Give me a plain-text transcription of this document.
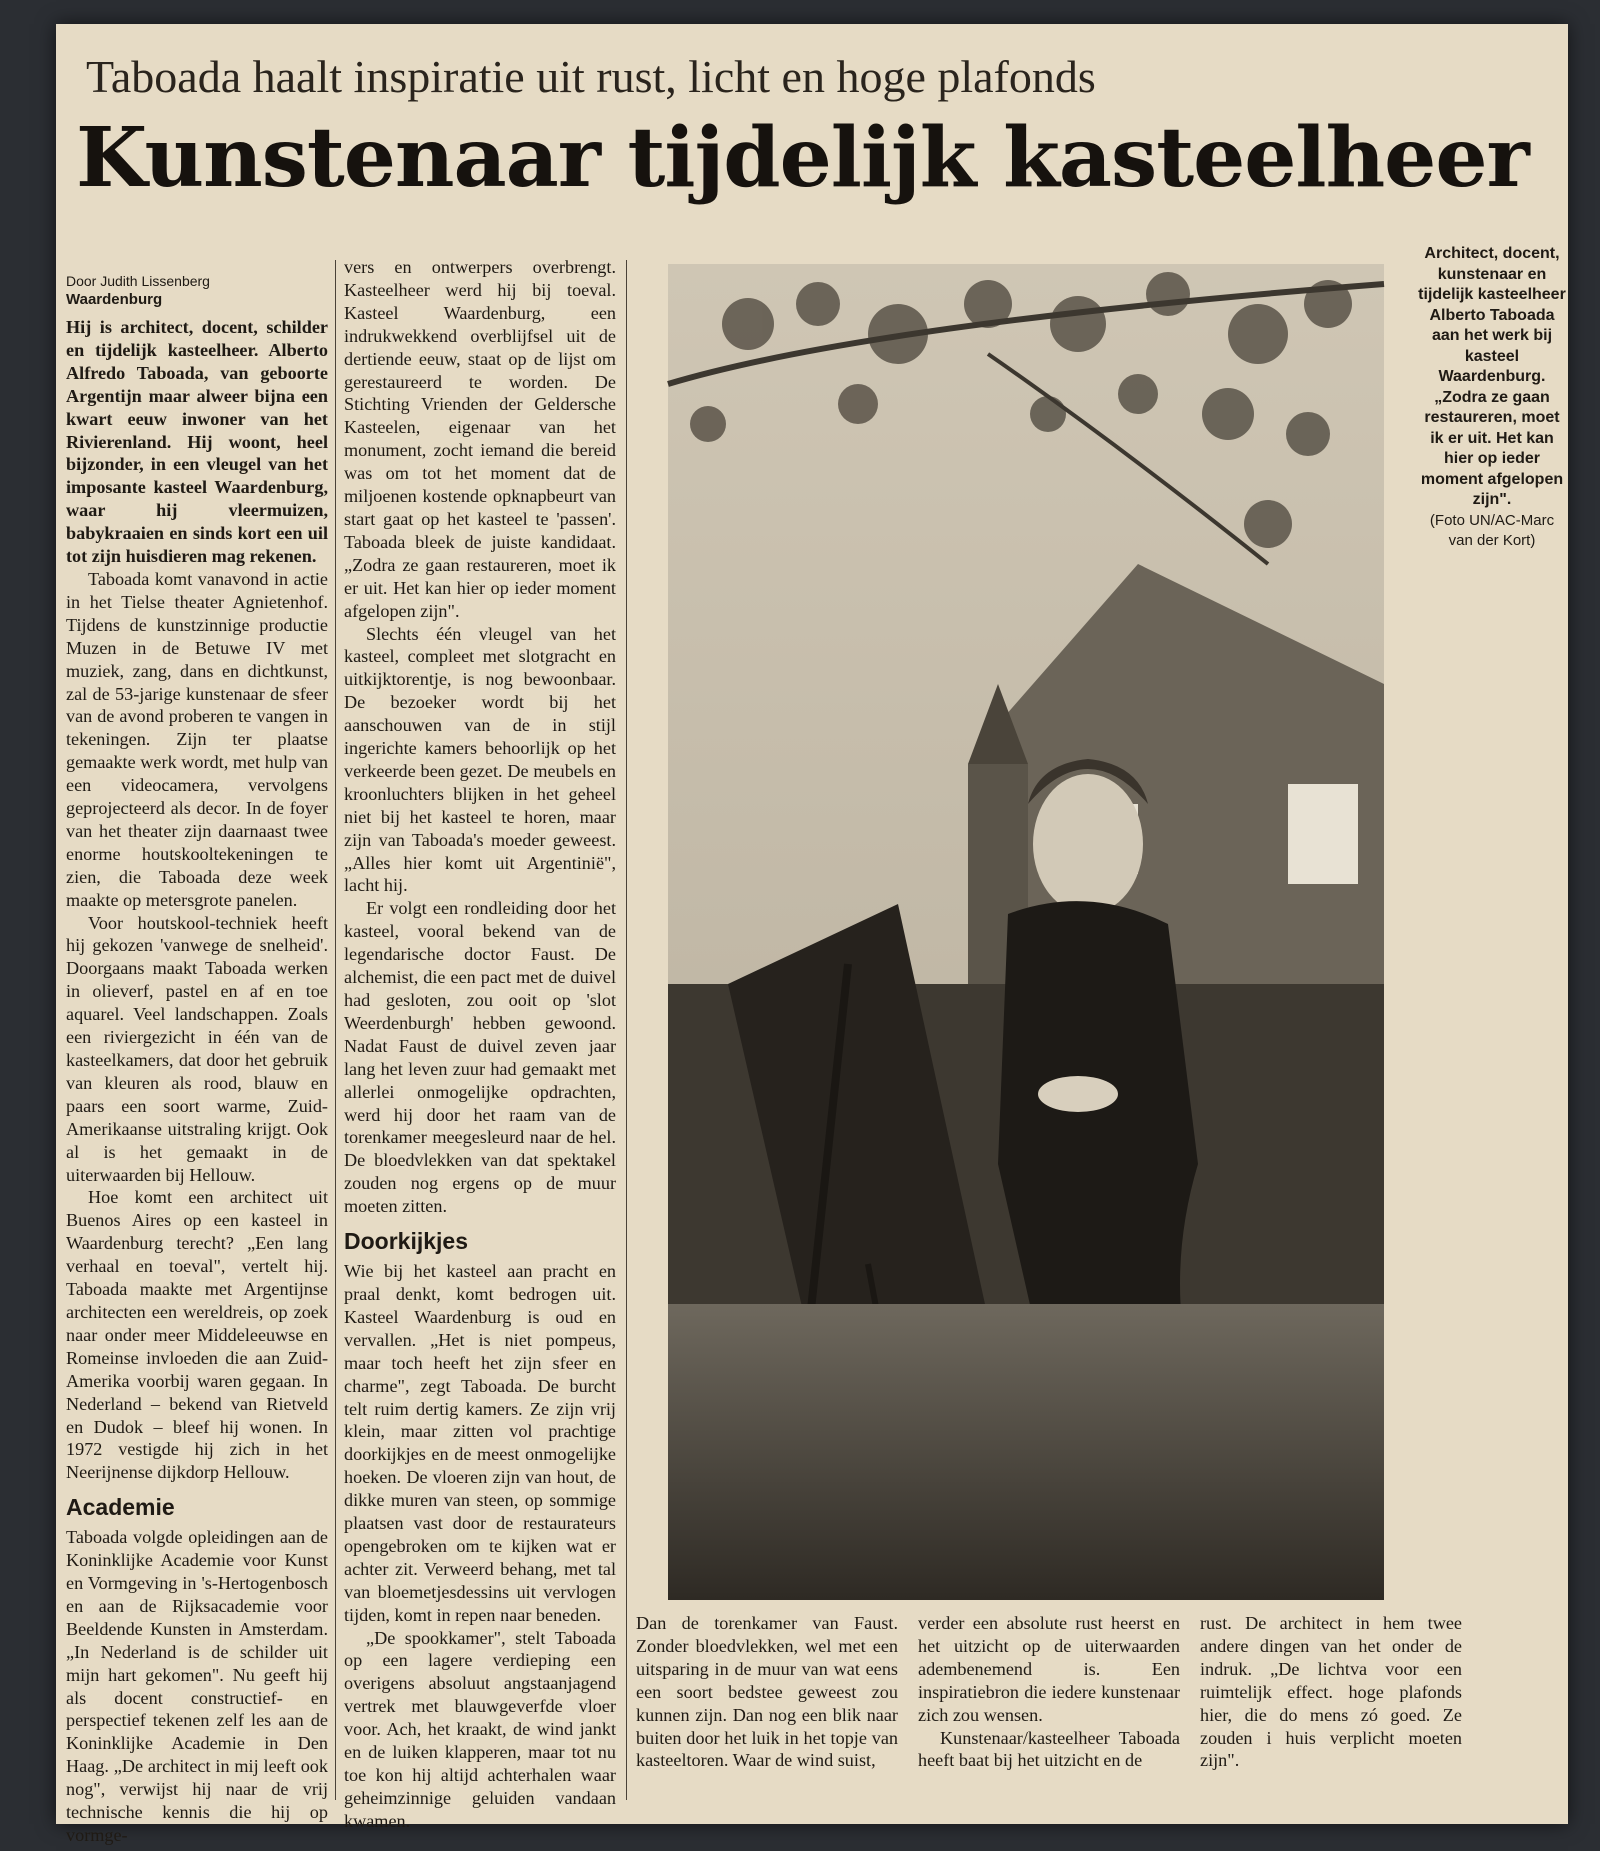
Taboada haalt inspiratie uit rust, licht en hoge plafonds
Kunstenaar tijdelijk kasteelheer
Door Judith Lissenberg
Waardenburg

Hij is architect, docent, schilder en tijdelijk kasteelheer. Alberto Alfredo Taboada, van geboorte Argentijn maar alweer bijna een kwart eeuw inwoner van het Rivierenland. Hij woont, heel bijzonder, in een vleugel van het imposante kasteel Waardenburg, waar hij vleermuizen, babykraaien en sinds kort een uil tot zijn huisdieren mag rekenen.

Taboada komt vanavond in actie in het Tielse theater Agnietenhof. Tijdens de kunstzinnige productie Muzen in de Betuwe IV met muziek, zang, dans en dichtkunst, zal de 53-jarige kunstenaar de sfeer van de avond proberen te vangen in tekeningen. Zijn ter plaatse gemaakte werk wordt, met hulp van een videocamera, vervolgens geprojecteerd als decor. In de foyer van het theater zijn daarnaast twee enorme houtskooltekeningen te zien, die Taboada deze week maakte op metersgrote panelen.

Voor houtskool-techniek heeft hij gekozen 'vanwege de snelheid'. Doorgaans maakt Taboada werken in olieverf, pastel en af en toe aquarel. Veel landschappen. Zoals een riviergezicht in één van de kasteelkamers, dat door het gebruik van kleuren als rood, blauw en paars een soort warme, Zuid-Amerikaanse uitstraling krijgt. Ook al is het gemaakt in de uiterwaarden bij Hellouw.

Hoe komt een architect uit Buenos Aires op een kasteel in Waardenburg terecht? „Een lang verhaal en toeval", vertelt hij. Taboada maakte met Argentijnse architecten een wereldreis, op zoek naar onder meer Middeleeuwse en Romeinse invloeden die aan Zuid-Amerika voorbij waren gegaan. In Nederland – bekend van Rietveld en Dudok – bleef hij wonen. In 1972 vestigde hij zich in het Neerijnense dijkdorp Hellouw.

Academie

Taboada volgde opleidingen aan de Koninklijke Academie voor Kunst en Vormgeving in 's-Hertogenbosch en aan de Rijksacademie voor Beeldende Kunsten in Amsterdam. „In Nederland is de schilder uit mijn hart gekomen". Nu geeft hij als docent constructief- en perspectief tekenen zelf les aan de Koninklijke Academie in Den Haag. „De architect in mij leeft ook nog", verwijst hij naar de vrij technische kennis die hij op vormge-

vers en ontwerpers overbrengt. Kasteelheer werd hij bij toeval. Kasteel Waardenburg, een indrukwekkend overblijfsel uit de dertiende eeuw, staat op de lijst om gerestaureerd te worden. De Stichting Vrienden der Geldersche Kasteelen, eigenaar van het monument, zocht iemand die bereid was om tot het moment dat de miljoenen kostende opknapbeurt van start gaat op het kasteel te 'passen'. Taboada bleek de juiste kandidaat. „Zodra ze gaan restaureren, moet ik er uit. Het kan hier op ieder moment afgelopen zijn".

Slechts één vleugel van het kasteel, compleet met slotgracht en uitkijktorentje, is nog bewoonbaar. De bezoeker wordt bij het aanschouwen van de in stijl ingerichte kamers behoorlijk op het verkeerde been gezet. De meubels en kroonluchters blijken in het geheel niet bij het kasteel te horen, maar zijn van Taboada's moeder geweest. „Alles hier komt uit Argentinië", lacht hij.

Er volgt een rondleiding door het kasteel, vooral bekend van de legendarische doctor Faust. De alchemist, die een pact met de duivel had gesloten, zou ooit op 'slot Weerdenburgh' hebben gewoond. Nadat Faust de duivel zeven jaar lang het leven zuur had gemaakt met allerlei onmogelijke opdrachten, werd hij door het raam van de torenkamer meegesleurd naar de hel. De bloedvlekken van dat spektakel zouden nog ergens op de muur moeten zitten.

Doorkijkjes

Wie bij het kasteel aan pracht en praal denkt, komt bedrogen uit. Kasteel Waardenburg is oud en vervallen. „Het is niet pompeus, maar toch heeft het zijn sfeer en charme", zegt Taboada. De burcht telt ruim dertig kamers. Ze zijn vrij klein, maar zitten vol prachtige doorkijkjes en de meest onmogelijke hoeken. De vloeren zijn van hout, de dikke muren van steen, op sommige plaatsen vast door de restaurateurs opengebroken om te kijken wat er achter zit. Verweerd behang, met tal van bloemetjesdessins uit vervlogen tijden, komt in repen naar beneden.

„De spookkamer", stelt Taboada op een lagere verdieping een overigens absoluut angstaanjagend vertrek met blauwgeverfde vloer voor. Ach, het kraakt, de wind jankt en de luiken klapperen, maar tot nu toe kon hij altijd achterhalen waar geheimzinnige geluiden vandaan kwamen.

Architect, docent, kunstenaar en tijdelijk kasteelheer Alberto Taboada aan het werk bij kasteel Waardenburg. „Zodra ze gaan restaureren, moet ik er uit. Het kan hier op ieder moment afgelopen zijn".
(Foto UN/AC-Marc van der Kort)

Dan de torenkamer van Faust. Zonder bloedvlekken, wel met een uitsparing in de muur van wat eens een soort bedstee geweest zou kunnen zijn. Dan nog een blik naar buiten door het luik in het topje van kasteeltoren. Waar de wind suist,

verder een absolute rust heerst en het uitzicht op de uiterwaarden adembenemend is. Een inspiratiebron die iedere kunstenaar zich zou wensen.

Kunstenaar/kasteelheer Taboada heeft baat bij het uitzicht en de

rust. De architect in hem twee andere dingen van het onder de indruk. „De lichtva voor een ruimtelijk effect. hoge plafonds hier, die do mens zó goed. Ze zouden i huis verplicht moeten zijn".
